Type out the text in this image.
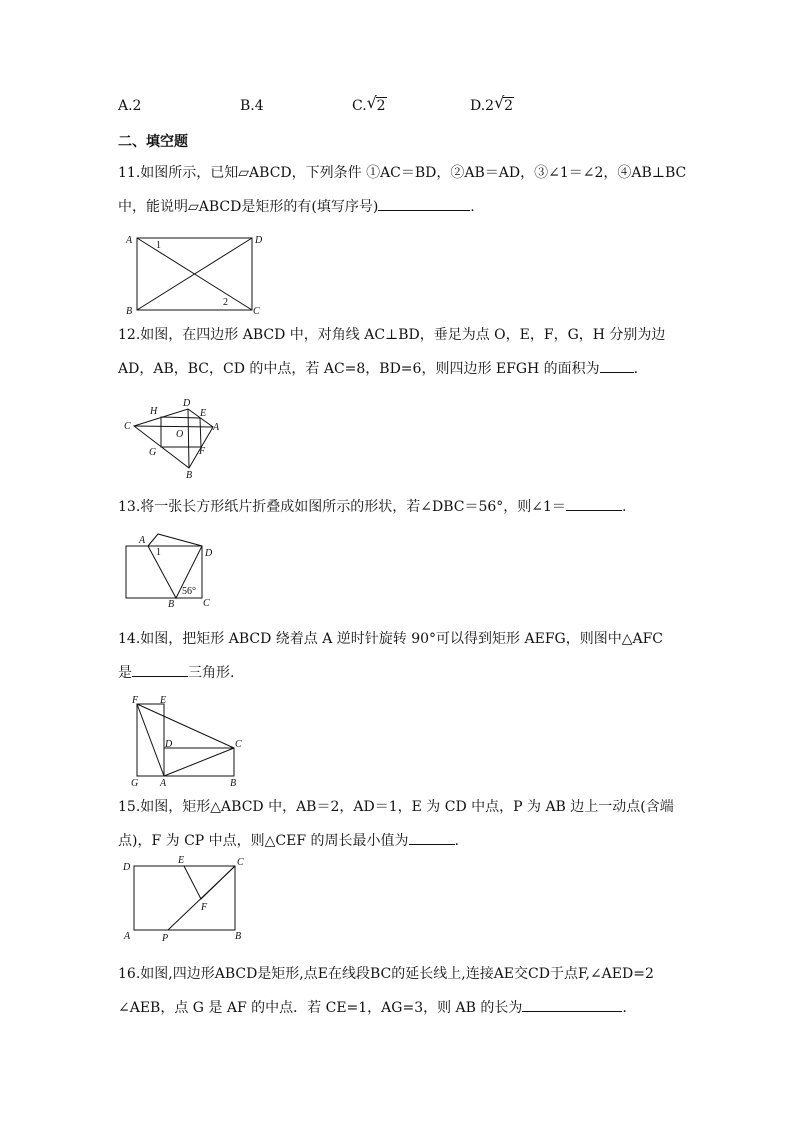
A.2	B.4	C. √ 2	D.2 √ 2
二、填空题
11.如图所示，已知▱ABCD，下列条件 ①AC＝BD，②AB＝AD，③∠1＝∠2，④AB⊥BC
中，能说明▱ABCD是矩形的有(填写序号)	.
A	D
B	C
1
2
12.如图，在四边形 ABCD 中，对角线 AC⊥BD，垂足为点 O，E，F，G，H 分别为边
AD，AB，BC，CD 的中点，若 AC=8，BD=6，则四边形 EFGH 的面积为 .
C
H
D
E
A
O
G	F
B
13.将一张长方形纸片折叠成如图所示的形状，若∠DBC＝56°，则∠1＝	.
A
D
1
56°
B	C
14.如图，把矩形 ABCD 绕着点 A 逆时针旋转 90°可以得到矩形 AEFG，则图中△AFC
是	三角形.
F E
D	C
G A	B
15.如图，矩形△ABCD 中，AB＝2，AD＝1，E 为 CD 中点，P 为 AB 边上一动点(含端
点)，F 为 CP 中点，则△CEF 的周长最小值为	.
D
E	C
F
A	P	B
16.如图,四边形ABCD是矩形,点E在线段BC的延长线上,连接AE交CD于点F,∠AED=2
∠AEB，点 G 是 AF 的中点．若 CE=1，AG=3，则 AB 的长为	.
